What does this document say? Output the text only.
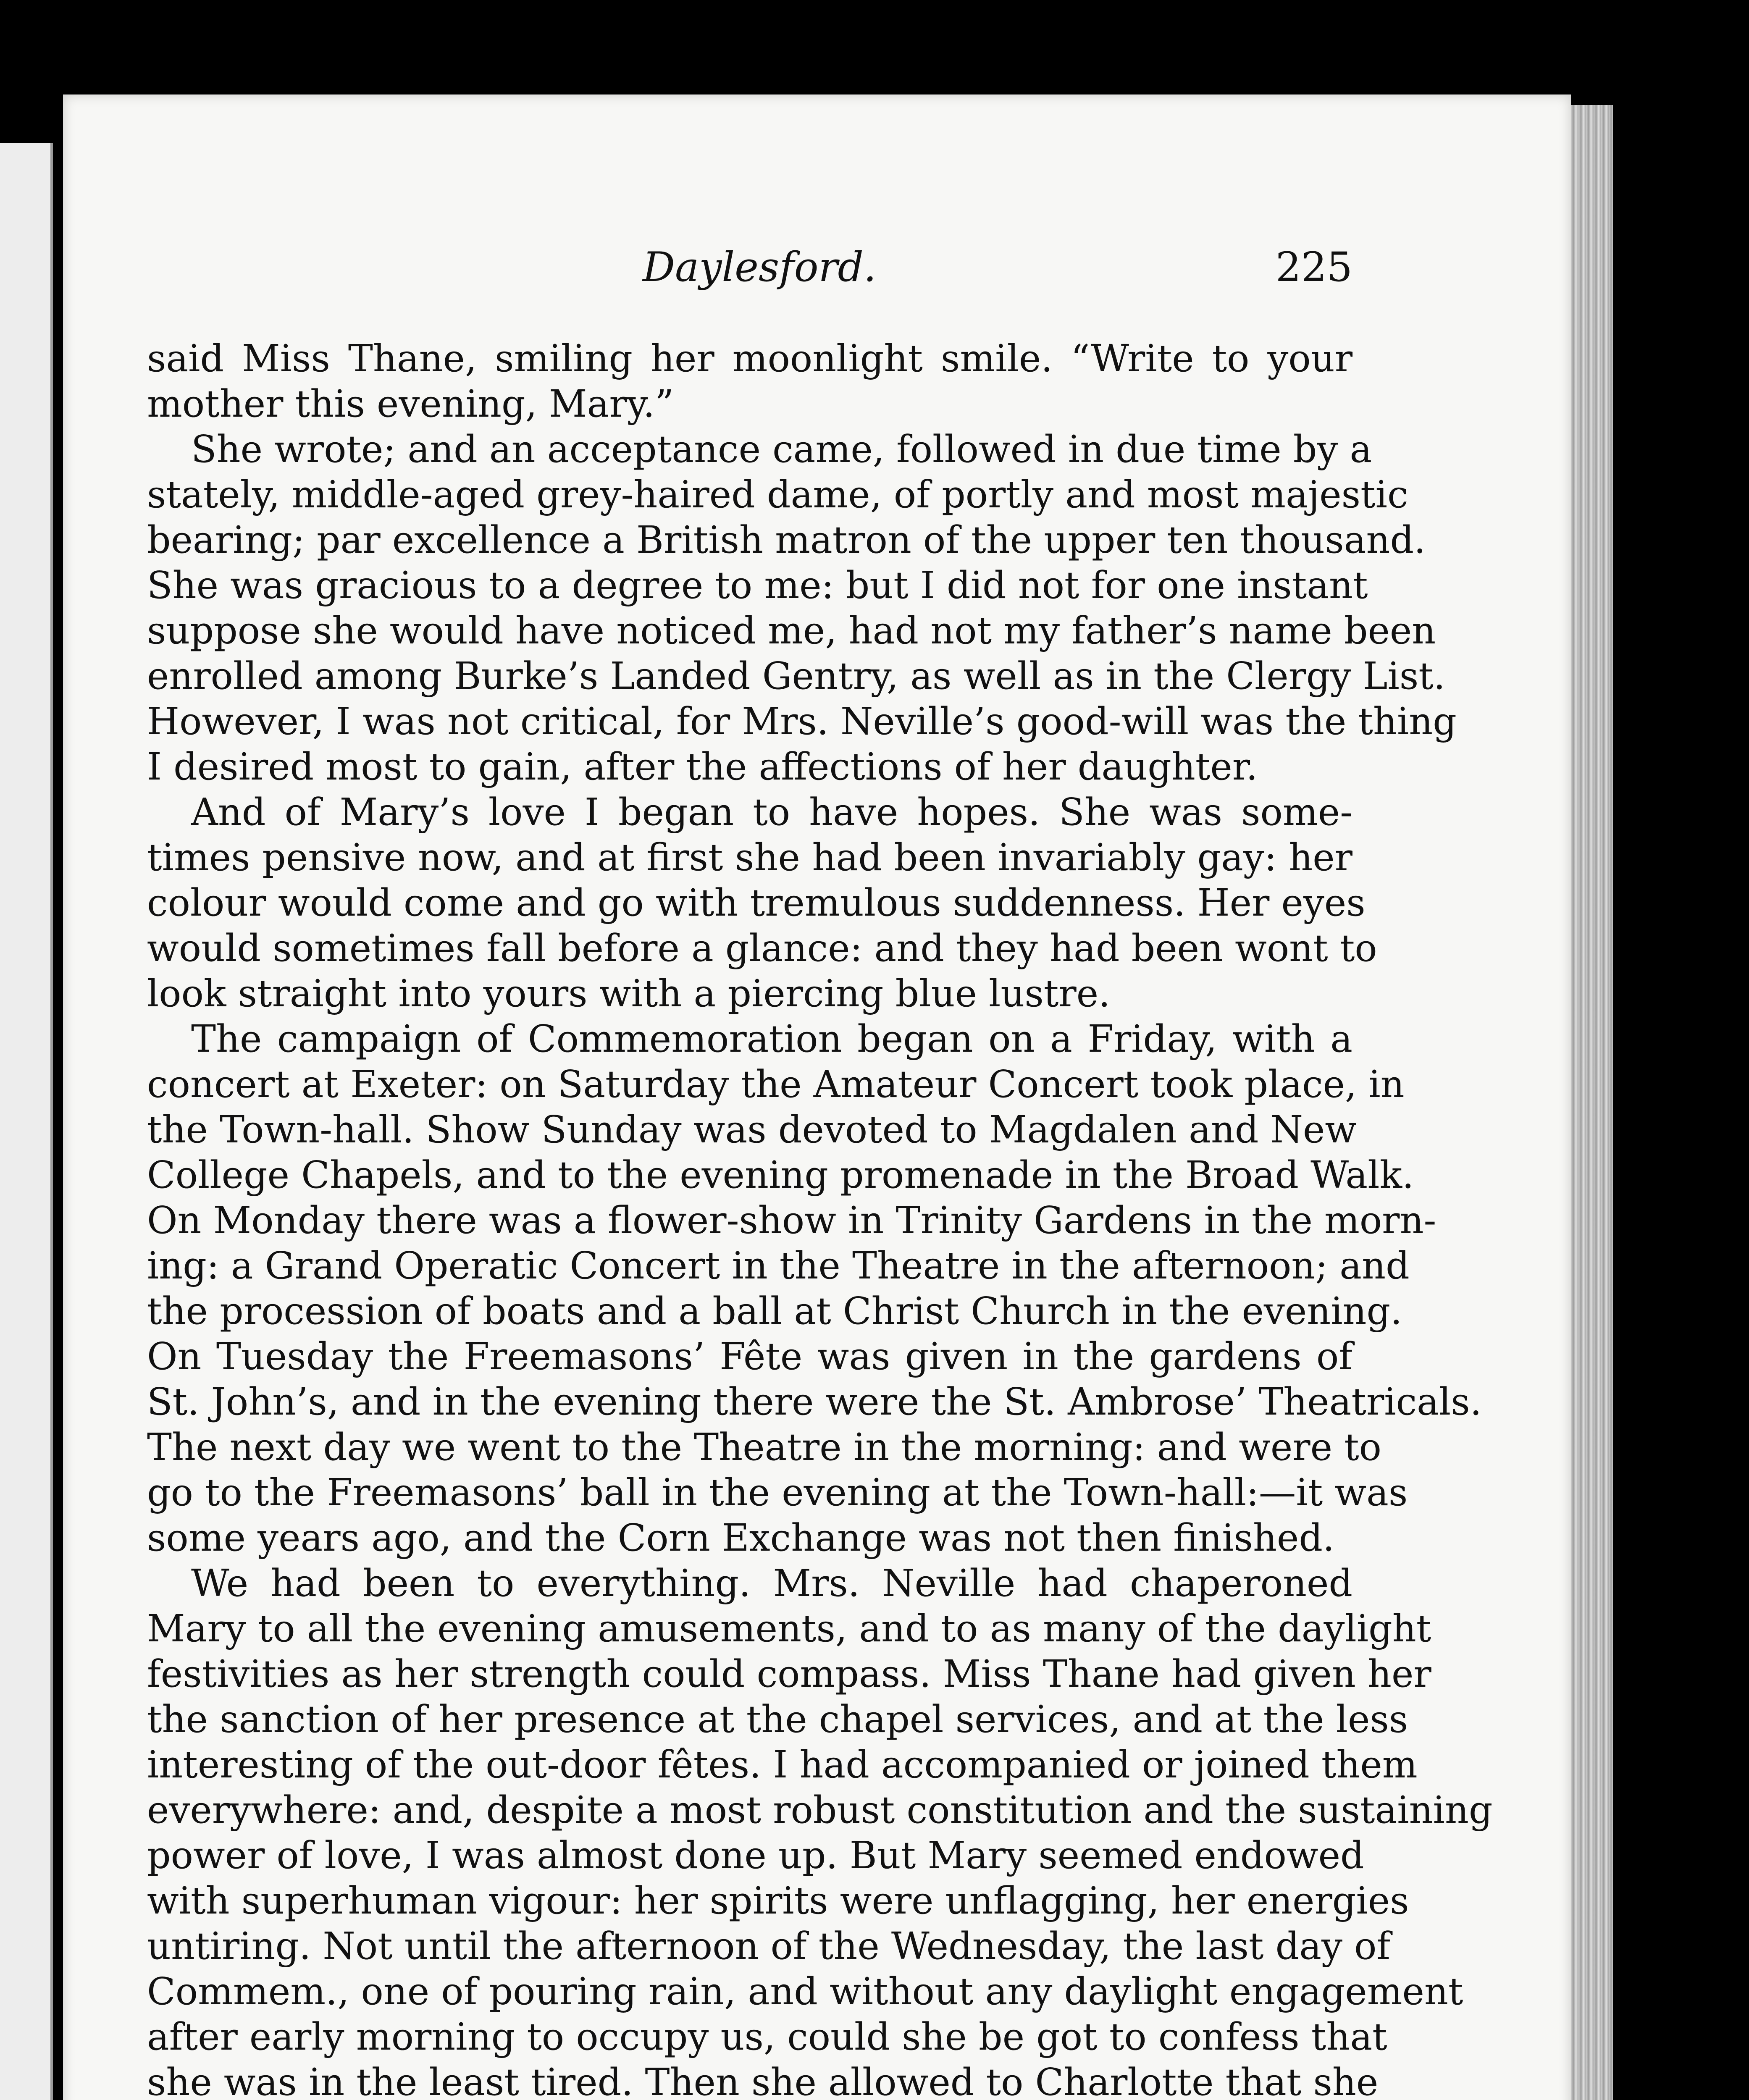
Daylesford.	225
said Miss Thane, smiling her moonlight smile. “Write to your
mother this evening, Mary.”
She wrote; and an acceptance came, followed in due time by a
stately, middle-aged grey-haired dame, of portly and most majestic
bearing; par excellence a British matron of the upper ten thousand.
She was gracious to a degree to me: but I did not for one instant
suppose she would have noticed me, had not my father’s name been
enrolled among Burke’s Landed Gentry, as well as in the Clergy List.
However, I was not critical, for Mrs. Neville’s good-will was the thing
I desired most to gain, after the affections of her daughter.
And of Mary’s love I began to have hopes. She was some-
times pensive now, and at first she had been invariably gay: her
colour would come and go with tremulous suddenness. Her eyes
would sometimes fall before a glance: and they had been wont to
look straight into yours with a piercing blue lustre.
The campaign of Commemoration began on a Friday, with a
concert at Exeter: on Saturday the Amateur Concert took place, in
the Town-hall. Show Sunday was devoted to Magdalen and New
College Chapels, and to the evening promenade in the Broad Walk.
On Monday there was a flower-show in Trinity Gardens in the morn-
ing: a Grand Operatic Concert in the Theatre in the afternoon; and
the procession of boats and a ball at Christ Church in the evening.
On Tuesday the Freemasons’ Fête was given in the gardens of
St. John’s, and in the evening there were the St. Ambrose’ Theatricals.
The next day we went to the Theatre in the morning: and were to
go to the Freemasons’ ball in the evening at the Town-hall:—it was
some years ago, and the Corn Exchange was not then finished.
We had been to everything. Mrs. Neville had chaperoned
Mary to all the evening amusements, and to as many of the daylight
festivities as her strength could compass. Miss Thane had given her
the sanction of her presence at the chapel services, and at the less
interesting of the out-door fêtes. I had accompanied or joined them
everywhere: and, despite a most robust constitution and the sustaining
power of love, I was almost done up. But Mary seemed endowed
with superhuman vigour: her spirits were unflagging, her energies
untiring. Not until the afternoon of the Wednesday, the last day of
Commem., one of pouring rain, and without any daylight engagement
after early morning to occupy us, could she be got to confess that
she was in the least tired. Then she allowed to Charlotte that she
